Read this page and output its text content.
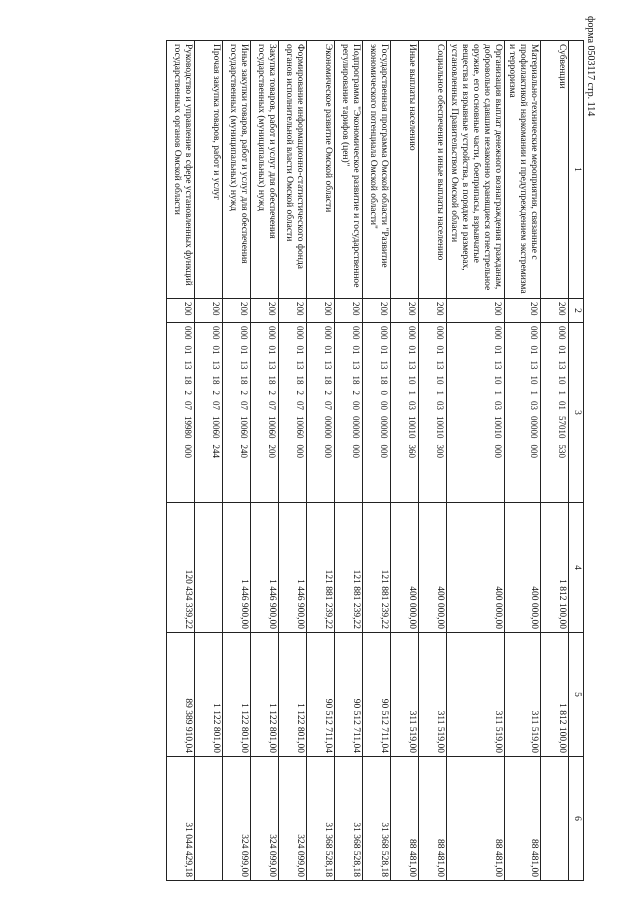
форма 0503117 стр. 114
1	2	3	4	5	6
Субвенции	200	00001131010157010530	1 812 100,00	1 812 100,00	
Материально-технические мероприятия, связанные с профилактикой наркомании и предупреждением экстремизма и терроризма	200	00001131010300000000	400 000,00	311 519,00	88 481,00
Организация выплат денежного вознаграждения гражданам, добровольно сдавшим незаконно хранящиеся огнестрельное оружие, его основные части, боеприпасы, взрывчатые вещества и взрывные устройства, в порядке и размерах, установленных Правительством Омской области	200	00001131010310010000	400 000,00	311 519,00	88 481,00
Социальное обеспечение и иные выплаты населению	200	00001131010310010300	400 000,00	311 519,00	88 481,00
Иные выплаты населению	200	00001131010310010360	400 000,00	311 519,00	88 481,00
Государственная программа Омской области "Развитие экономического потенциала Омской области"	200	00001131800000000000	121 881 239,22	90 512 711,04	31 368 528,18
Подпрограмма "Экономическое развитие и государственное регулирование тарифов (цен)"	200	00001131820000000000	121 881 239,22	90 512 711,04	31 368 528,18
Экономическое развитие Омской области	200	00001131820700000000	121 881 239,22	90 512 711,04	31 368 528,18
Формирование информационно-статистического фонда органов исполнительной власти Омской области	200	00001131820710060000	1 446 900,00	1 122 801,00	324 099,00
Закупка товаров, работ и услуг для обеспечения государственных (муниципальных) нужд	200	00001131820710060200	1 446 900,00	1 122 801,00	324 099,00
Иные закупки товаров, работ и услуг для обеспечения государственных (муниципальных) нужд	200	00001131820710060240	1 446 900,00	1 122 801,00	324 099,00
Прочая закупка товаров, работ и услуг	200	00001131820710060244		1 122 801,00	
Руководство и управление в сфере установленных функций государственных органов Омской области	200	00001131820719980000	120 434 339,22	89 389 910,04	31 044 429,18
